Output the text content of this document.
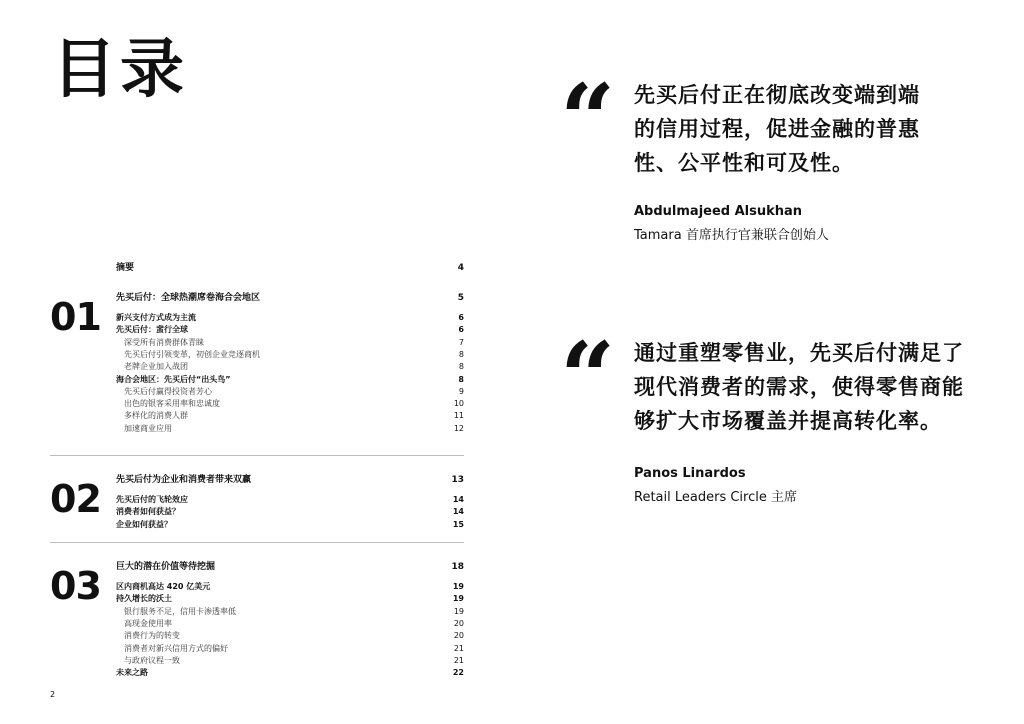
目录
摘要	4
01 先买后付：全球热潮席卷海合会地区	5
新兴支付方式成为主流	6
先买后付：蜚行全球	6
深受所有消费群体青睐	7
先买后付引领变革，初创企业竞逐商机	8
老牌企业加入战团	8
海合会地区：先买后付“出头鸟”	8
先买后付赢得投资者芳心	9
出色的银客采用率和忠诚度	10
多样化的消费人群	11
加速商业应用	12
02 先买后付为企业和消费者带来双赢	13
先买后付的飞轮效应	14
消费者如何获益？	14
企业如何获益？	15
03 巨大的潜在价值等待挖掘	18
区内商机高达 420 亿美元	19
持久增长的沃土	19
银行服务不足，信用卡渗透率低	19
高现金使用率	20
消费行为的转变	20
消费者对新兴信用方式的偏好	21
与政府议程一致	21
未来之路	22
“ 先买后付正在彻底改变端到端
的信用过程，促进金融的普惠
性、公平性和可及性。
Abdulmajeed Alsukhan
Tamara 首席执行官兼联合创始人
“ 通过重塑零售业，先买后付满足了
现代消费者的需求，使得零售商能
够扩大市场覆盖并提高转化率。
Panos Linardos
Retail Leaders Circle 主席
2
